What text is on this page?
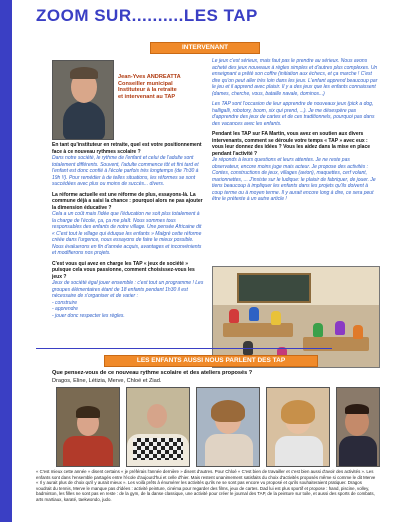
ZOOM SUR..........LES TAP
INTERVENANT
Jean-Yves ANDREATTA
Conseiller municipal
Instituteur à la retraite
et intervenant au TAP
En tant qu'instituteur en retraite, quel est votre positionnement face à ce nouveau rythmes scolaire ?
Dans notre société, le rythme de l'enfant et celui de l'adulte sont totalement différents. Souvent, l'adulte commence tôt et fini tard et l'enfant est donc confié à l'école parfois très longtemps (de 7h30 à 19h !!). Pour remédier à de telles situations, les réformes se sont succédées avec plus ou moins de succès... divers.
La réforme actuelle est une réforme de plus, essayons-là. La commune déjà a saisi la chance : pourquoi alors ne pas ajouter la dimension éducative ?
Cela a un coût mais l'idée que l'éducation ne soit plus totalement à la charge de l'école, ça, ça me plaît. Nous sommes tous responsables des enfants de notre village. Une pensée Africaine dit « C'est tout le village qui éduque les enfants » Malgré cette réforme créée dans l'urgence, nous essayons de faire le mieux possible. Nous évaluerons en fin d'année acquis, avantages et inconvénients et modifierons nos projets.
C'est vous qui avez en charge les TAP « jeux de société » puisque cela vous passionne, comment choisissez-vous les jeux ?
Jeux de société égal jouer ensemble : c'est tout un programme ! Les groupes élémentaires étant de 18 enfants pendant 1h30 il est nécessaire de s'organiser et de varier :
- construire
- apprendre
- jouer donc respecter les règles.
Le jeux c'est sérieux, mais faut pas le prendre au sérieux. Nous avons acheté des jeux nouveaux à règles simples et d'autres plus complexes. Un enseignant a prêté son coffre (initiation aux échecs, et ça marche ! C'est dire qu'on peut aller très loin dans les jeux. L'enfant apprend beaucoup par le jeu et il apprend avec plaisir. Il y a des jeux que les enfants connaissent (dames, cherche, vous, bataille navale, dominos...)
Les TAP sont l'occasion de leur apprendre de nouveaux jeux (pick a dog, halligalli, robotory, boom, six qui prend, ...). Je me désespère pas d'apprendre des jeux de cartes et de ces traditionnels, pourquoi pas dans des vacances avec les enfants.
Pendant les TAP sur FA Martin, vous avez en soutien aux divers intervenants, comment se déroule votre temps « TAP » avec eux : vous leur donnez des idées ? Vous les aidez dans la mise en place pendant l'activité ?
Je réponds à leurs questions et leurs attentes. Je ne reste pas observateur, encore moins juge mais acteur. Je propose des activités : Contes, constructions de jeux, villages (avion), maquettes, cerf volant, marionnettes, ... J'insiste sur le ludique: le plaisir de fabriquer, de jouer. Je tiens beaucoup à impliquer les enfants dans les projets qu'ils doivent à coup terme ou à moyen terme. Il y aurait encore long à dire, ce sera peut être le prétexte à un autre article !
LES ENFANTS AUSSI NOUS PARLENT DES TAP
Que pensez-vous de ce nouveau rythme scolaire et des ateliers proposés ?
Dragos, Eline, Létizia, Merve, Chloé et Ziad.
« C'est mieux cette année » disent certains « je préférais l'année dernière » disent d'autres. Pour Chloé « C'est bien de travailler et c'est bien aussi d'avoir des activités ». Les enfants sont dans l'ensemble partagés entre l'école d'aujourd'hui et celle d'hier. Mais restent unanimement satisfaits du choix d'activités proposés même si comme le dit Merve « Il y aurait plus de choix qu'il y aurait mieux ». Les voilà prêts à énumérer les activités qu'ils ne se sont pas encore vu proposé et qu'ils souhaiteraient pratiquer. Dragos voudrait du tennis, Merve le manque pas d'idées : activité peinture, cinéma pour regarder des films, jeux de cartes. Dad lui est plus sportif et propose : hand, piscine, volley, badminton, les filles ne sont pas en reste : de la gym, de la danse classique, une activité pour créer le journal des TAP, de la peinture sur toile, et aussi des sports de combats, arts martiaux, karaté, taekwondo, judo.
